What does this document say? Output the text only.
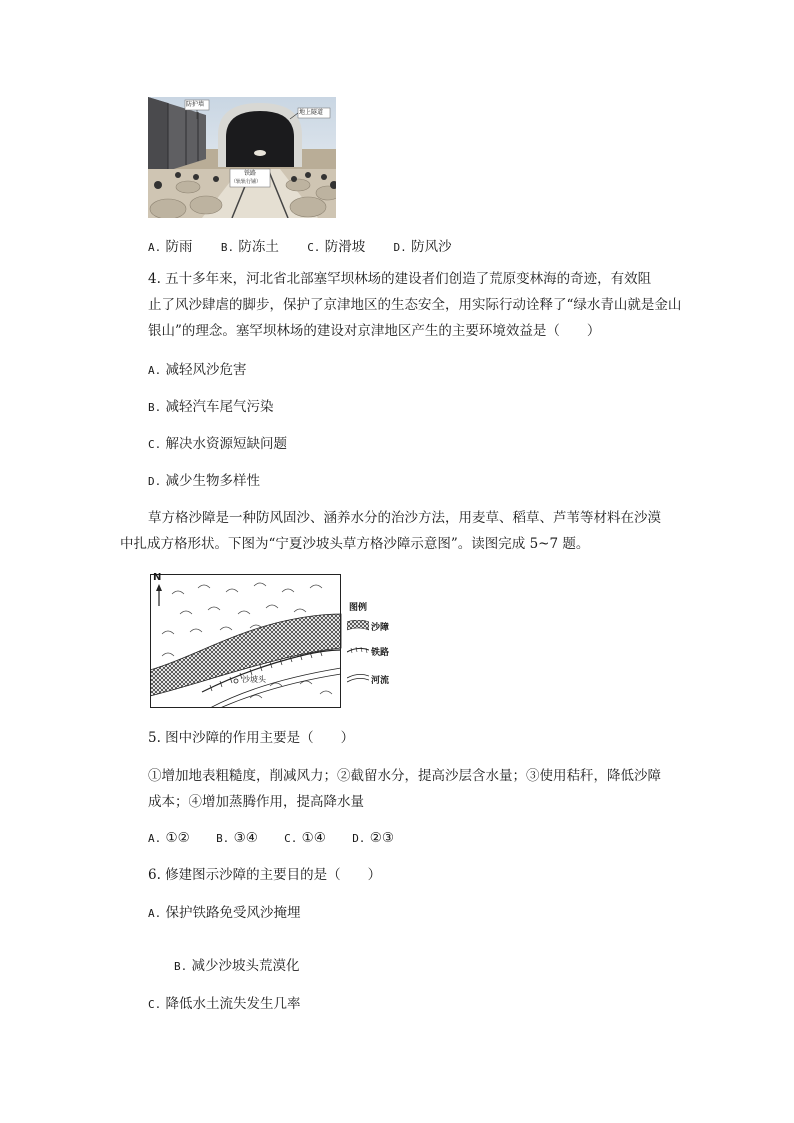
防护墙
地上隧道
铁路
（轨轨行铺）
A. 防雨	B. 防冻土	C. 防滑坡	D. 防风沙
4. 五十多年来，河北省北部塞罕坝林场的建设者们创造了荒原变林海的奇迹，有效阻
止了风沙肆虐的脚步，保护了京津地区的生态安全，用实际行动诠释了“绿水青山就是金山
银山”的理念。塞罕坝林场的建设对京津地区产生的主要环境效益是（　　）
A. 减轻风沙危害
B. 减轻汽车尾气污染
C. 解决水资源短缺问题
D. 减少生物多样性
草方格沙障是一种防风固沙、涵养水分的治沙方法，用麦草、稻草、芦苇等材料在沙漠
中扎成方格形状。下图为“宁夏沙坡头草方格沙障示意图”。读图完成 5~7 题。
N
沙坡头
图例
沙障
铁路
河流
5. 图中沙障的作用主要是（　　）
①增加地表粗糙度，削减风力；②截留水分，提高沙层含水量；③使用秸秆，降低沙障
成本；④增加蒸腾作用，提高降水量
A. ①② B. ③④ C. ①④ D. ②③
6. 修建图示沙障的主要目的是（　　）
A. 保护铁路免受风沙掩埋
B. 减少沙坡头荒漠化
C. 降低水土流失发生几率
